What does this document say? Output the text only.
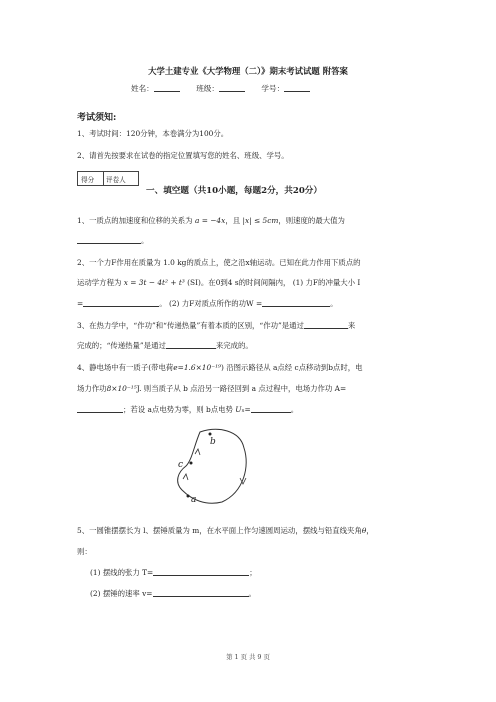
大学土建专业《大学物理（二）》期末考试试题 附答案
姓名：	班级：	学号：
考试须知:
1、考试时间：120分钟，本卷满分为100分。
2、请首先按要求在试卷的指定位置填写您的姓名、班级、学号。
得分 评卷人
一、填空题（共10小题，每题2分，共20分）
1、一质点的加速度和位移的关系为 a = −4x，且 |x| ≤ 5cm，则速度的最大值为
。
2、一个力F作用在质量为 1.0 kg的质点上，使之沿x轴运动。已知在此力作用下质点的
运动学方程为 x = 3t − 4t² + t³ (SI)。在0到4 s的时间间隔内， (1) 力F的冲量大小 I
=	。 (2) 力F对质点所作的功W =	。
3、在热力学中，“作功”和“传递热量”有着本质的区别，“作功”是通过	来
完成的；“传递热量”是通过	来完成的。
4、静电场中有一质子(带电荷e=1.6×10⁻¹⁹) 沿图示路径从 a点经 c点移动到b点时，电
场力作功8×10⁻¹⁵J. 则当质子从 b 点沿另一路径回到 a 点过程中，电场力作功 A=
；若设 a点电势为零，则 b点电势 Uₙ=	。
b
c
a
5、一圆锥摆摆长为 l、摆锤质量为 m，在水平面上作匀速圆周运动，摆线与铅直线夹角θ，
则：
(1) 摆线的张力 T=	；
(2) 摆锤的速率 v=	。
第 1 页 共 9 页
